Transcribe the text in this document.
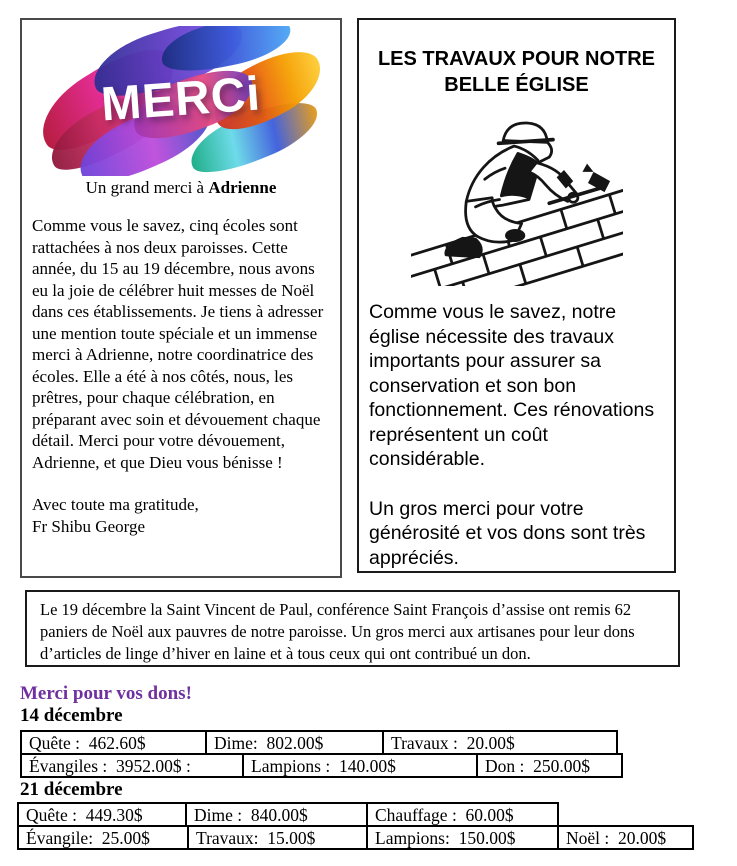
MERCi
Un grand merci à Adrienne
Comme vous le savez, cinq écoles sont rattachées à nos deux paroisses. Cette année, du 15 au 19 décembre, nous avons eu la joie de célébrer huit messes de Noël dans ces établissements. Je tiens à adresser une mention toute spéciale et un immense merci à Adrienne, notre coordinatrice des écoles. Elle a été à nos côtés, nous, les prêtres, pour chaque célébration, en préparant avec soin et dévouement chaque détail. Merci pour votre dévouement, Adrienne, et que Dieu vous bénisse !
Avec toute ma gratitude,
Fr Shibu George
LES TRAVAUX POUR NOTRE
BELLE ÉGLISE

Comme vous le savez, notre église nécessite des travaux importants pour assurer sa conservation et son bon fonctionnement. Ces rénovations représentent un coût considérable.

Un gros merci pour votre générosité et vos dons sont très appréciés.

Le 19 décembre la Saint Vincent de Paul, conférence Saint François d’assise ont remis 62 paniers de Noël aux pauvres de notre paroisse. Un gros merci aux artisanes pour leur dons d’articles de linge d’hiver en laine et à tous ceux qui ont contribué un don.
Merci pour vos dons!
14 décembre
Quête :  462.60$	Dime:  802.00$	Travaux :  20.00$
Évangiles :  3952.00$ :	Lampions :  140.00$	Don :  250.00$
21 décembre
Quête :  449.30$	Dime :  840.00$	Chauffage :  60.00$
Évangile:  25.00$	Travaux:  15.00$	Lampions:  150.00$	Noël :  20.00$
